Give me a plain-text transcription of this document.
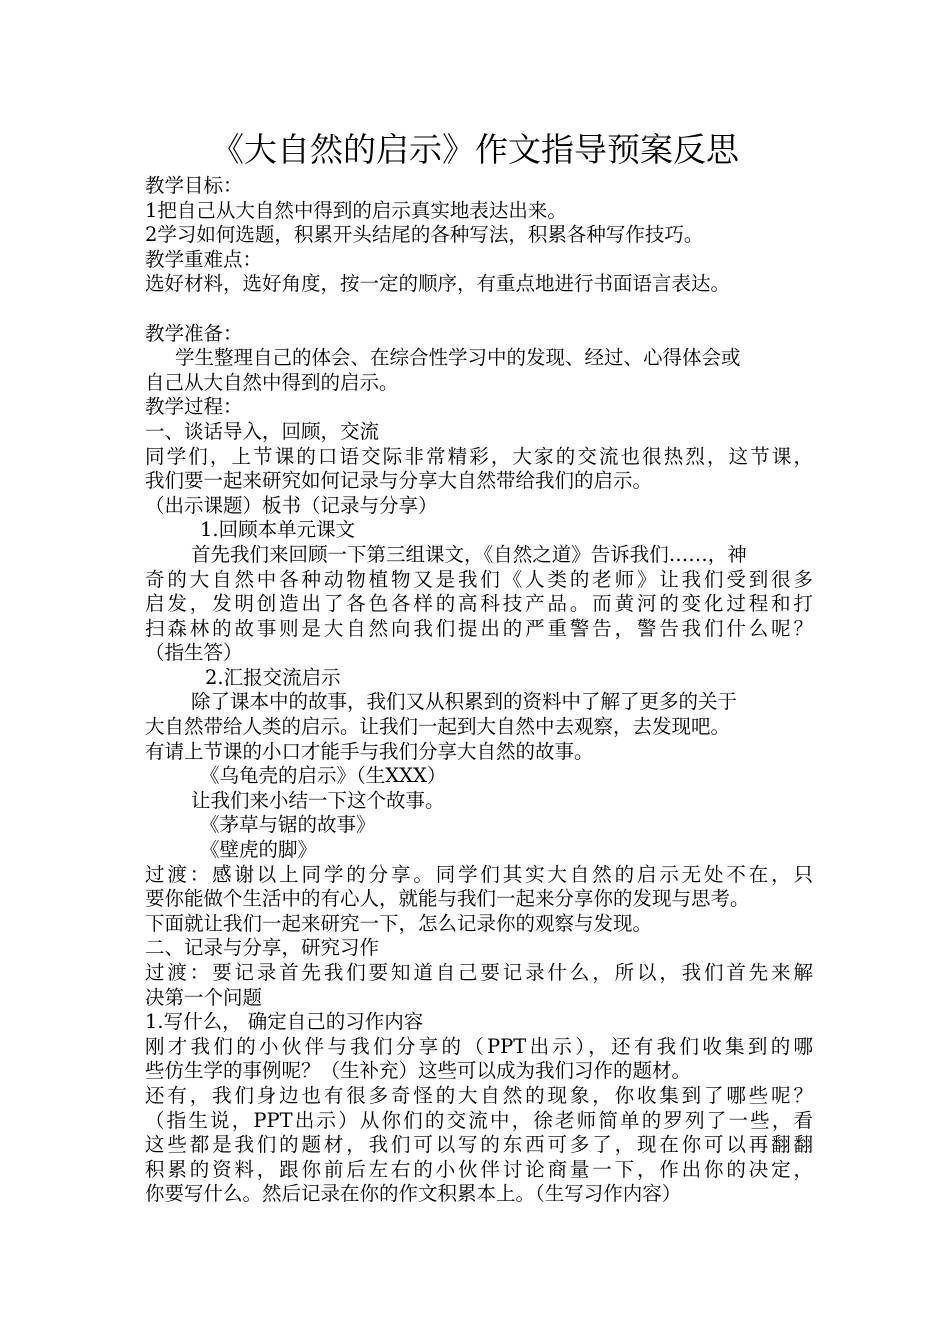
《大自然的启示》作文指导预案反思
教学目标：
1把自己从大自然中得到的启示真实地表达出来。
2学习如何选题，积累开头结尾的各种写法，积累各种写作技巧。
教学重难点：
选好材料，选好角度，按一定的顺序，有重点地进行书面语言表达。
教学准备：
学生整理自己的体会、在综合性学习中的发现、经过、心得体会或
自己从大自然中得到的启示。
教学过程：
一、谈话导入，回顾，交流
同学们，上节课的口语交际非常精彩，大家的交流也很热烈，这节课，
我们要一起来研究如何记录与分享大自然带给我们的启示。
（出示课题）板书（记录与分享）
1.回顾本单元课文
首先我们来回顾一下第三组课文，《自然之道》告诉我们……，神
奇的大自然中各种动物植物又是我们《人类的老师》让我们受到很多
启发，发明创造出了各色各样的高科技产品。而黄河的变化过程和打
扫森林的故事则是大自然向我们提出的严重警告，警告我们什么呢？
（指生答）
2.汇报交流启示
除了课本中的故事，我们又从积累到的资料中了解了更多的关于
大自然带给人类的启示。让我们一起到大自然中去观察，去发现吧。
有请上节课的小口才能手与我们分享大自然的故事。
《乌龟壳的启示》（生XXX）
让我们来小结一下这个故事。
《茅草与锯的故事》
《壁虎的脚》
过渡：感谢以上同学的分享。同学们其实大自然的启示无处不在，只
要你能做个生活中的有心人，就能与我们一起来分享你的发现与思考。
下面就让我们一起来研究一下，怎么记录你的观察与发现。
二、记录与分享，研究习作
过渡：要记录首先我们要知道自己要记录什么，所以，我们首先来解
决第一个问题
1.写什么， 确定自己的习作内容
刚才我们的小伙伴与我们分享的（PPT出示），还有我们收集到的哪
些仿生学的事例呢？（生补充）这些可以成为我们习作的题材。
还有，我们身边也有很多奇怪的大自然的现象，你收集到了哪些呢？
（指生说，PPT出示）从你们的交流中，徐老师简单的罗列了一些，看
这些都是我们的题材，我们可以写的东西可多了，现在你可以再翻翻
积累的资料，跟你前后左右的小伙伴讨论商量一下，作出你的决定，
你要写什么。然后记录在你的作文积累本上。（生写习作内容）
